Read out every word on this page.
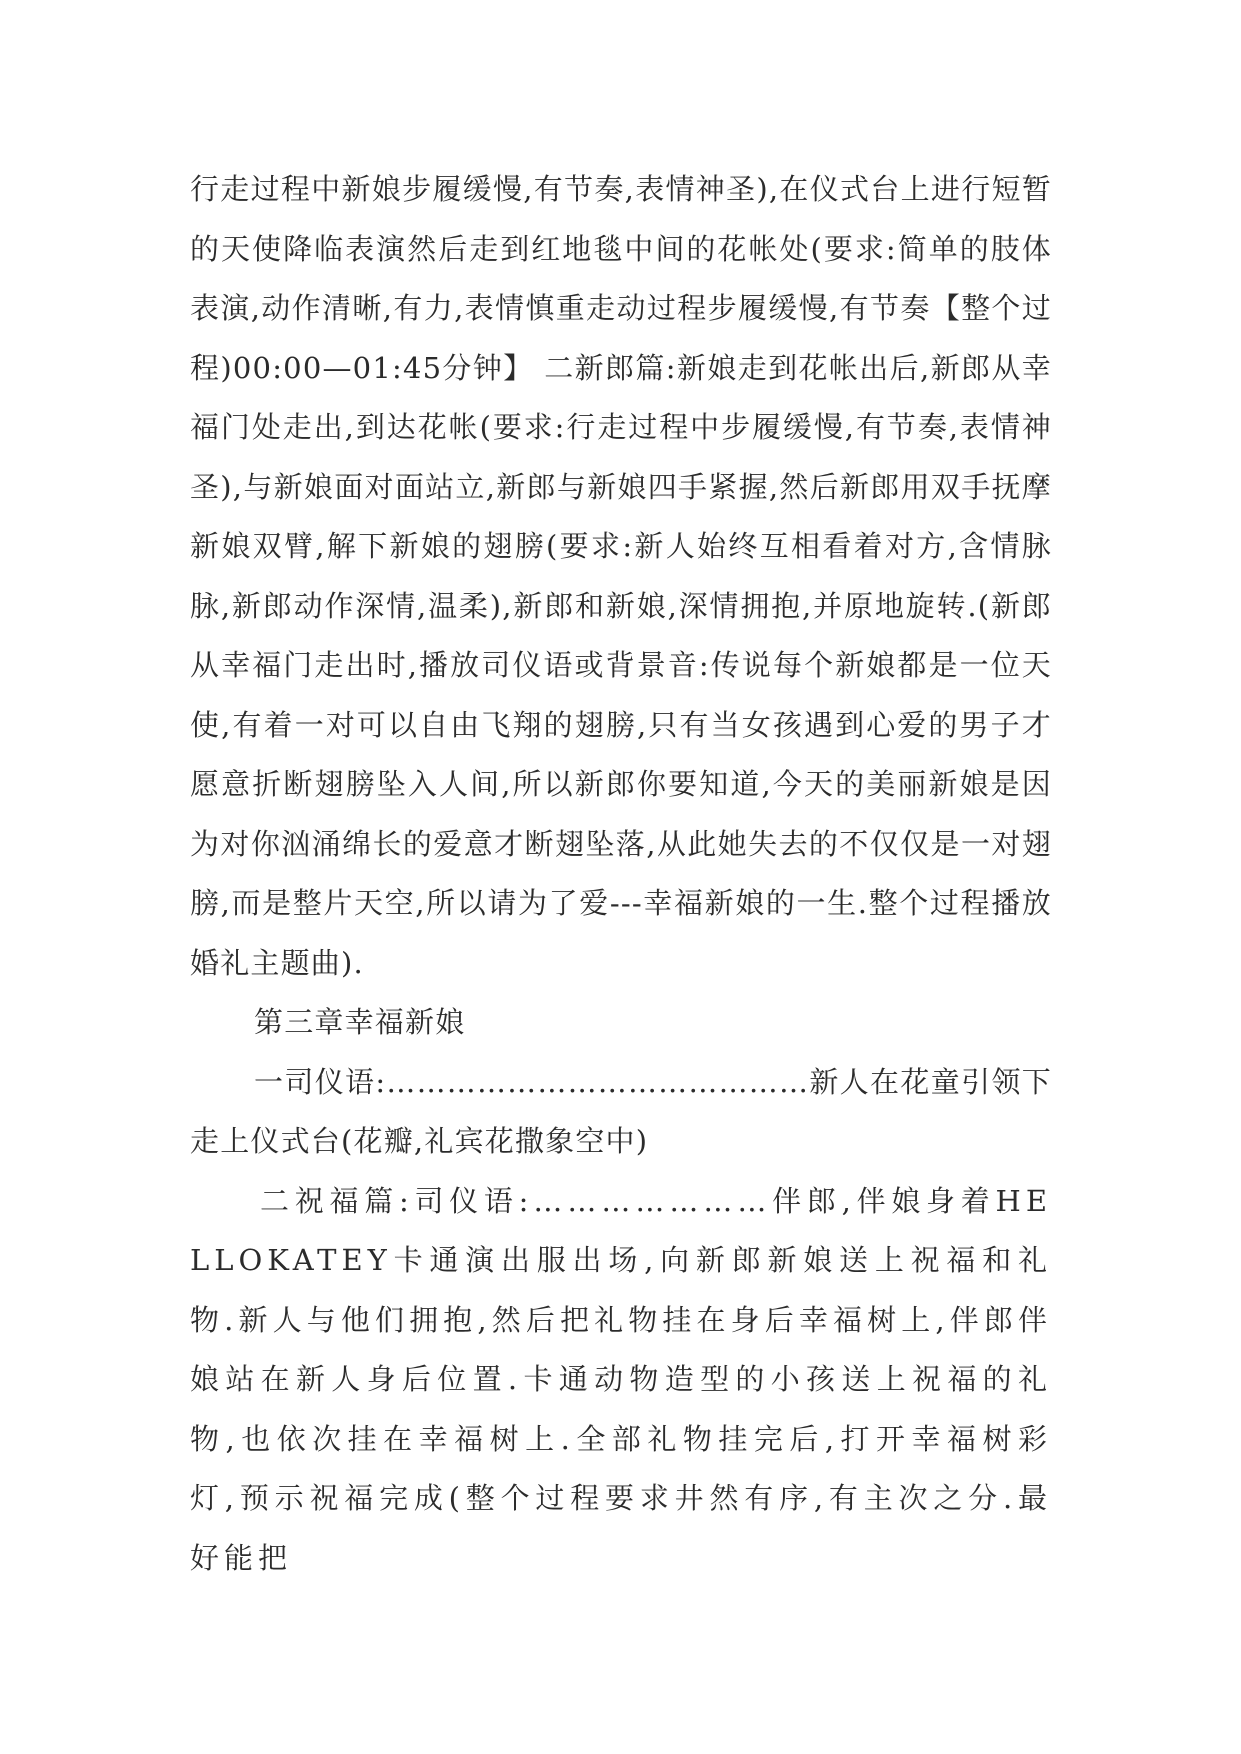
行走过程中新娘步履缓慢,有节奏,表情神圣),在仪式台上进行短暂的天使降临表演然后走到红地毯中间的花帐处(要求:简单的肢体表演,动作清晰,有力,表情慎重走动过程步履缓慢,有节奏【整个过程)00:00—01:45分钟】 二新郎篇:新娘走到花帐出后,新郎从幸福门处走出,到达花帐(要求:行走过程中步履缓慢,有节奏,表情神圣),与新娘面对面站立,新郎与新娘四手紧握,然后新郎用双手抚摩新娘双臂,解下新娘的翅膀(要求:新人始终互相看着对方,含情脉脉,新郎动作深情,温柔),新郎和新娘,深情拥抱,并原地旋转.(新郎从幸福门走出时,播放司仪语或背景音:传说每个新娘都是一位天使,有着一对可以自由飞翔的翅膀,只有当女孩遇到心爱的男子才愿意折断翅膀坠入人间,所以新郎你要知道,今天的美丽新娘是因为对你汹涌绵长的爱意才断翅坠落,从此她失去的不仅仅是一对翅膀,而是整片天空,所以请为了爱---幸福新娘的一生.整个过程播放婚礼主题曲).

第三章幸福新娘

一司仪语:……………………………………新人在花童引领下走上仪式台(花瓣,礼宾花撒象空中)

二祝福篇:司仪语:…………………伴郎,伴娘身着HELLOKATEY卡通演出服出场,向新郎新娘送上祝福和礼物.新人与他们拥抱,然后把礼物挂在身后幸福树上,伴郎伴娘站在新人身后位置.卡通动物造型的小孩送上祝福的礼物,也依次挂在幸福树上.全部礼物挂完后,打开幸福树彩灯,预示祝福完成(整个过程要求井然有序,有主次之分.最好能把
